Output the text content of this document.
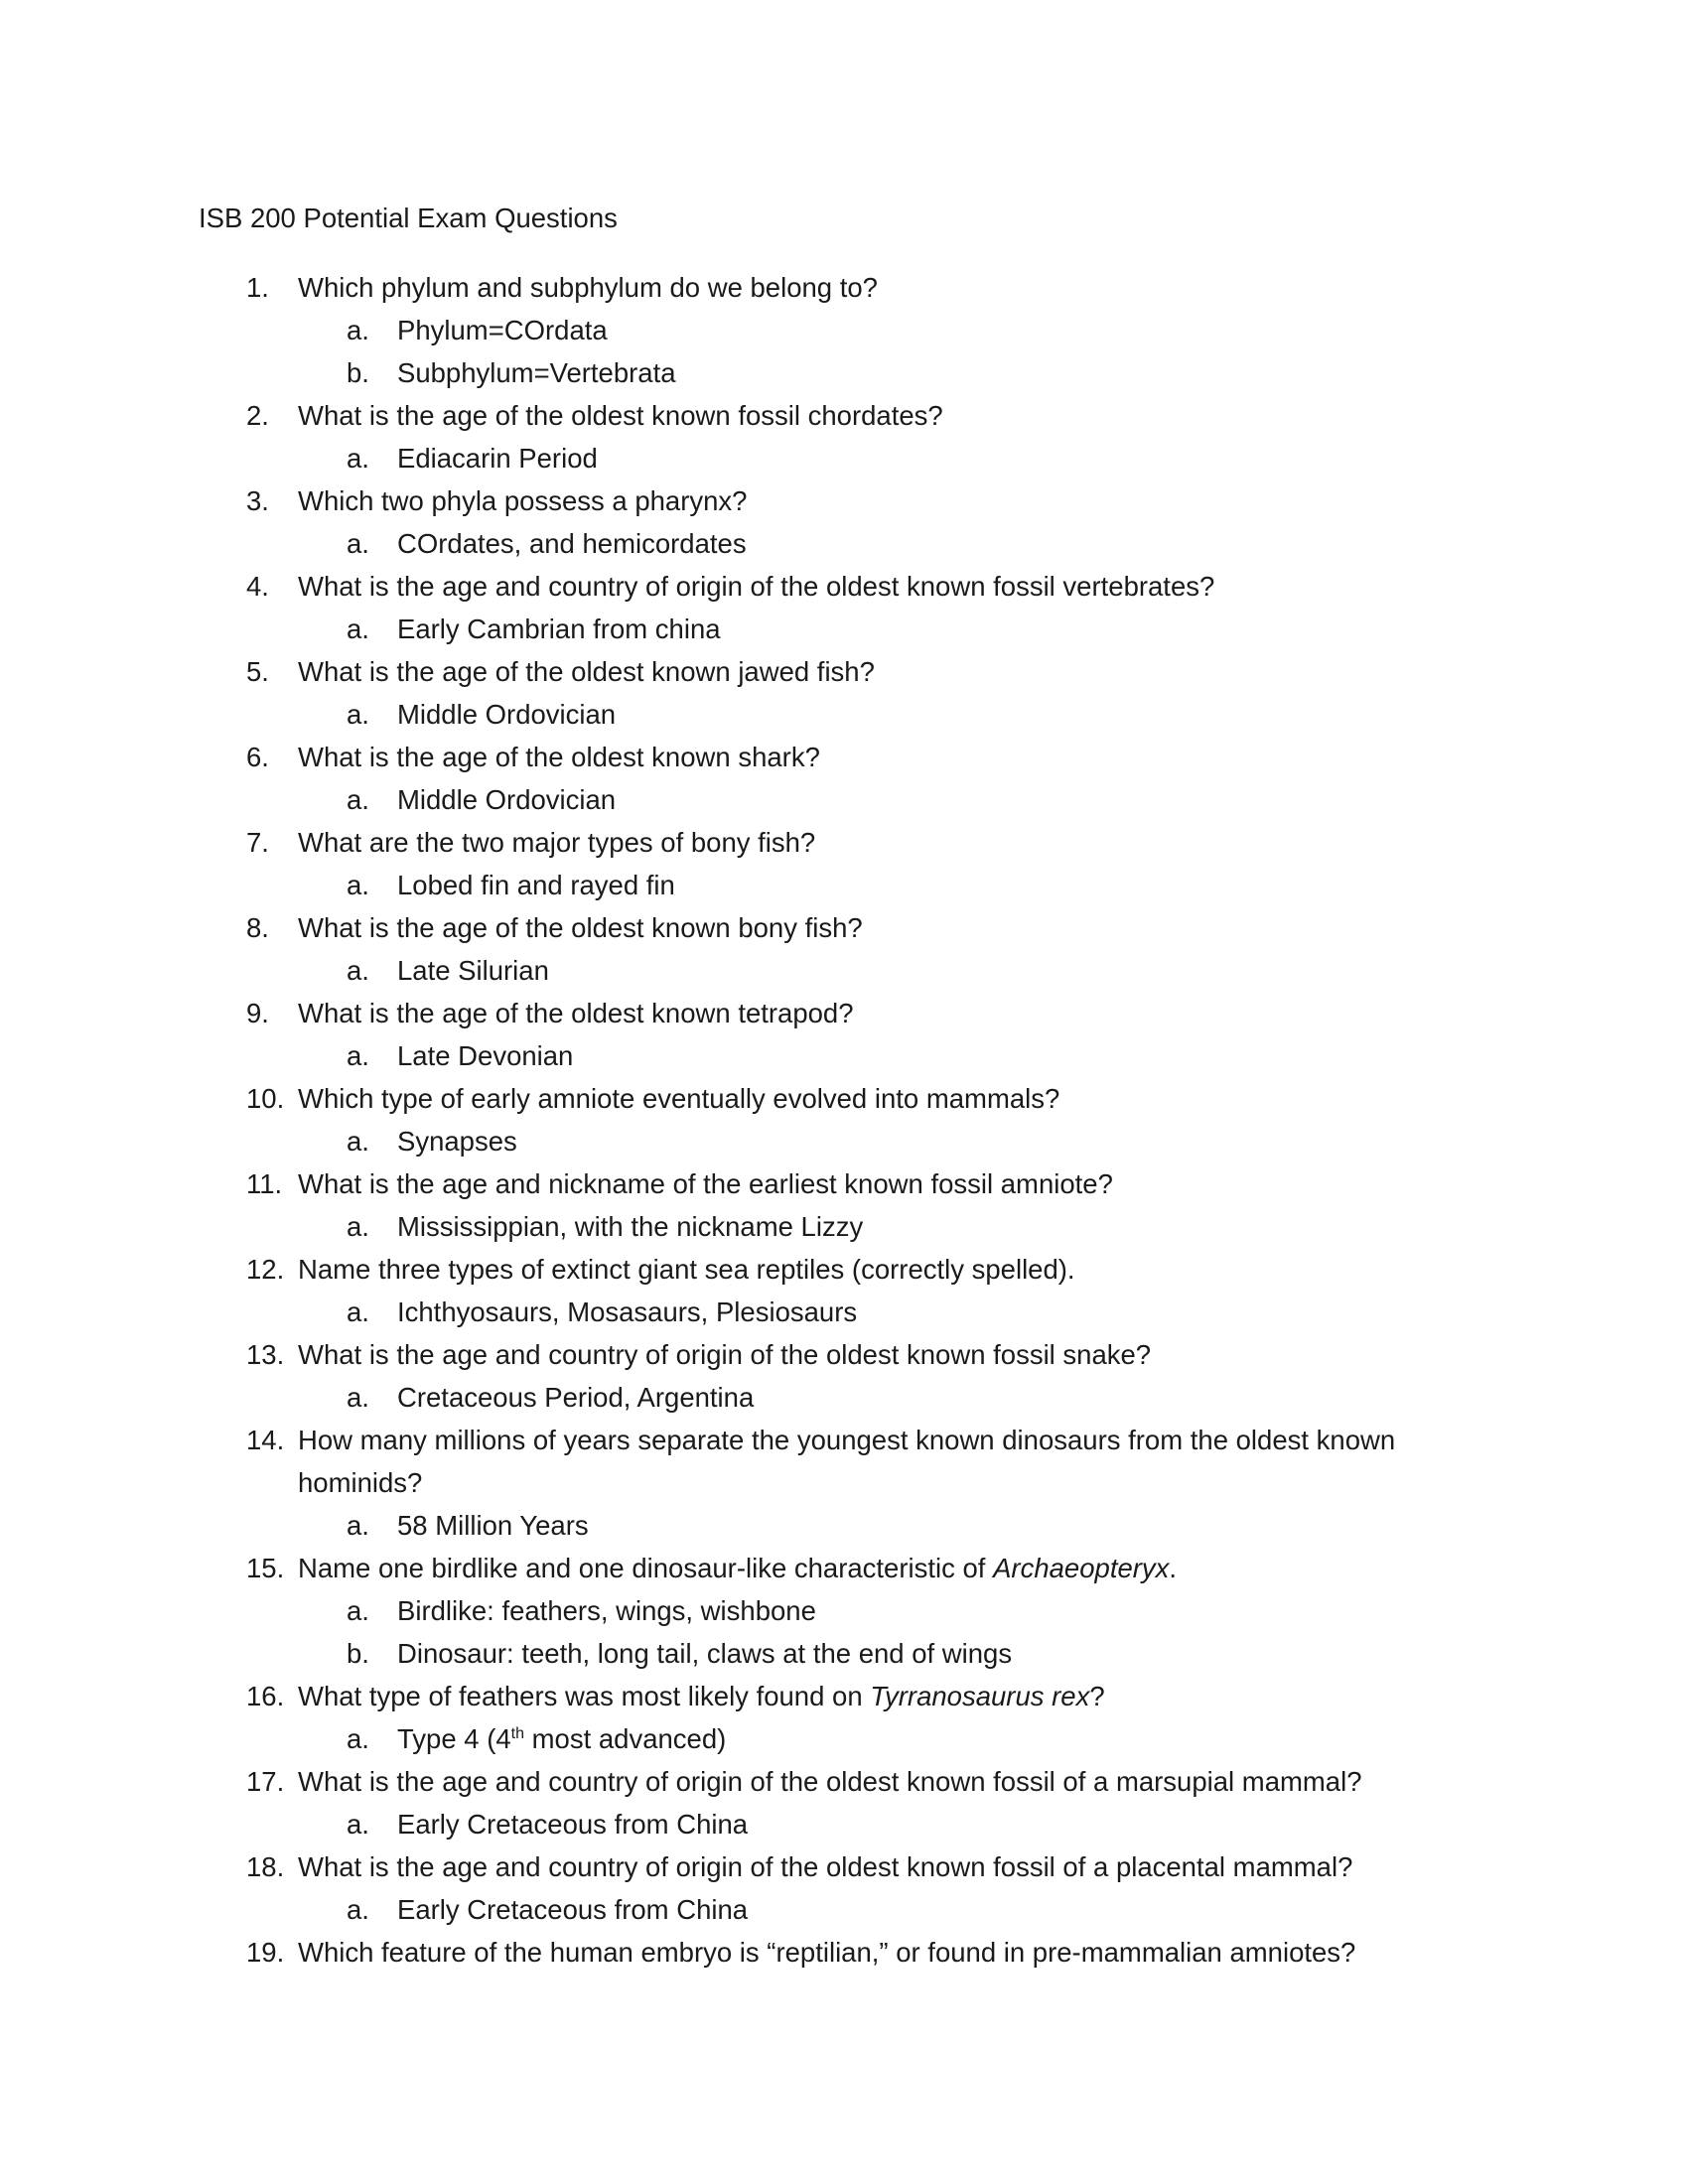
ISB 200 Potential Exam Questions
1. Which phylum and subphylum do we belong to?
a. Phylum=COrdata
b. Subphylum=Vertebrata
2. What is the age of the oldest known fossil chordates?
a. Ediacarin Period
3. Which two phyla possess a pharynx?
a. COrdates, and hemicordates
4. What is the age and country of origin of the oldest known fossil vertebrates?
a. Early Cambrian from china
5. What is the age of the oldest known jawed fish?
a. Middle Ordovician
6. What is the age of the oldest known shark?
a. Middle Ordovician
7. What are the two major types of bony fish?
a. Lobed fin and rayed fin
8. What is the age of the oldest known bony fish?
a. Late Silurian
9. What is the age of the oldest known tetrapod?
a. Late Devonian
10. Which type of early amniote eventually evolved into mammals?
a. Synapses
11. What is the age and nickname of the earliest known fossil amniote?
a. Mississippian, with the nickname Lizzy
12. Name three types of extinct giant sea reptiles (correctly spelled).
a. Ichthyosaurs, Mosasaurs, Plesiosaurs
13. What is the age and country of origin of the oldest known fossil snake?
a. Cretaceous Period, Argentina
14. How many millions of years separate the youngest known dinosaurs from the oldest known
hominids?
a. 58 Million Years
15. Name one birdlike and one dinosaur-like characteristic of Archaeopteryx.
a. Birdlike: feathers, wings, wishbone
b. Dinosaur: teeth, long tail, claws at the end of wings
16. What type of feathers was most likely found on Tyrranosaurus rex?
a. Type 4 (4th most advanced)
17. What is the age and country of origin of the oldest known fossil of a marsupial mammal?
a. Early Cretaceous from China
18. What is the age and country of origin of the oldest known fossil of a placental mammal?
a. Early Cretaceous from China
19. Which feature of the human embryo is “reptilian,” or found in pre-mammalian amniotes?
